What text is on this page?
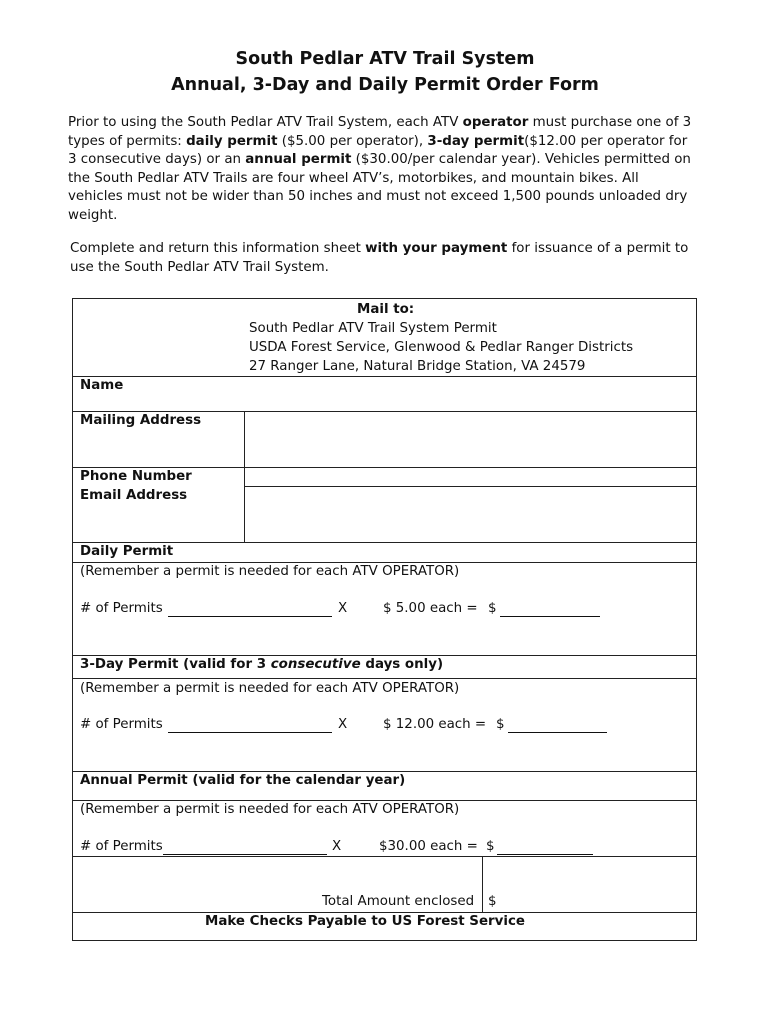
South Pedlar ATV Trail System
Annual, 3-Day and Daily Permit Order Form
Prior to using the South Pedlar ATV Trail System, each ATV operator must purchase one of 3 types of permits: daily permit ($5.00 per operator), 3-day permit($12.00 per operator for 3 consecutive days) or an annual permit ($30.00/per calendar year). Vehicles permitted on the South Pedlar ATV Trails are four wheel ATV’s, motorbikes, and mountain bikes. All vehicles must not be wider than 50 inches and must not exceed 1,500 pounds unloaded dry weight.
Complete and return this information sheet with your payment for issuance of a permit to use the South Pedlar ATV Trail System.
Mail to:
South Pedlar ATV Trail System Permit
USDA Forest Service, Glenwood & Pedlar Ranger Districts
27 Ranger Lane, Natural Bridge Station, VA 24579
Name
Mailing Address
Phone Number
Email Address
Daily Permit
(Remember a permit is needed for each ATV OPERATOR)
# of Permits	X	$ 5.00 each = $
3-Day Permit (valid for 3 consecutive days only)
(Remember a permit is needed for each ATV OPERATOR)
# of Permits	X	$ 12.00 each = $
Annual Permit (valid for the calendar year)
(Remember a permit is needed for each ATV OPERATOR)
# of Permits	X	$30.00 each = $
Total Amount enclosed $
Make Checks Payable to US Forest Service
